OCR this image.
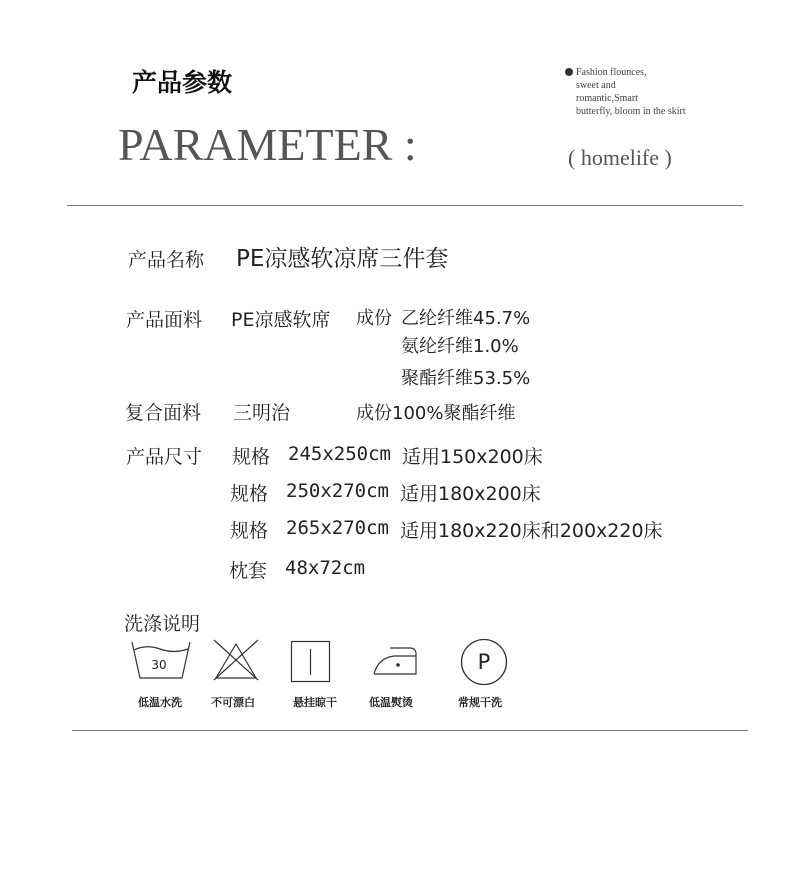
产品参数
PARAMETER :
Fashion flounces,
sweet and
romantic,Smart
butterfly, bloom in the skirt
( homelife )
产品名称 PE凉感软凉席三件套
产品面料 PE凉感软席 成份 乙纶纤维45.7%
氨纶纤维1.0%
聚酯纤维53.5%
复合面料 三明治	成份100%聚酯纤维
产品尺寸 规格 245x250cm 适用150x200床
规格 250x270cm 适用180x200床
规格 265x270cm 适用180x220床和200x220床
枕套 48x72cm
洗涤说明
30
低温水洗	不可漂白	悬挂晾干	低温熨烫
P
常规干洗
